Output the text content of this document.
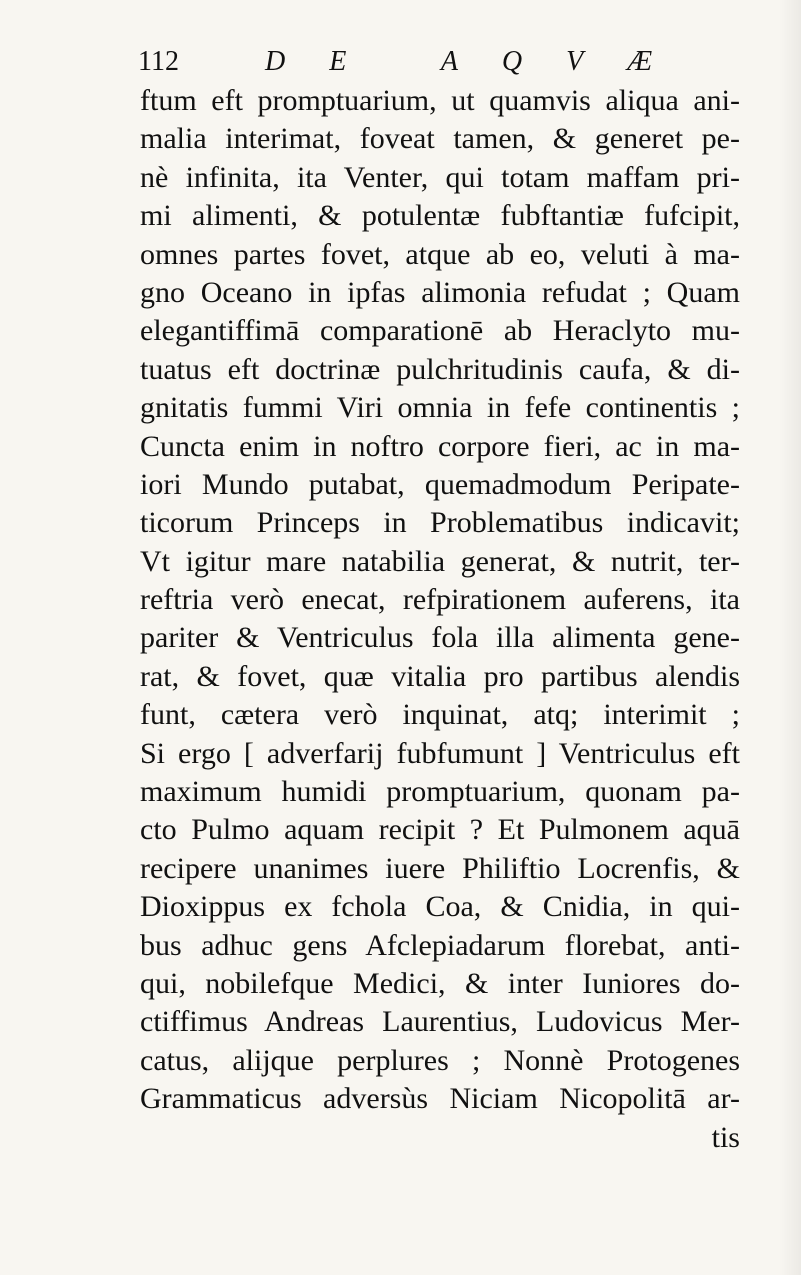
112	DE AQVÆ
ftum eft promptuarium, ut quamvis aliqua ani-
malia interimat, foveat tamen, & generet pe-
nè infinita, ita Venter, qui totam maffam pri-
mi alimenti, & potulentæ fubftantiæ fufcipit,
omnes partes fovet, atque ab eo, veluti à ma-
gno Oceano in ipfas alimonia refudat ; Quam
elegantiffimā comparationē ab Heraclyto mu-
tuatus eft doctrinæ pulchritudinis caufa, & di-
gnitatis fummi Viri omnia in fefe continentis ;
Cuncta enim in noftro corpore fieri, ac in ma-
iori Mundo putabat, quemadmodum Peripate-
ticorum Princeps in Problematibus indicavit;
Vt igitur mare natabilia generat, & nutrit, ter-
reftria verò enecat, refpirationem auferens, ita
pariter & Ventriculus fola illa alimenta gene-
rat, & fovet, quæ vitalia pro partibus alendis
funt, cætera verò inquinat, atq; interimit ;
Si ergo [ adverfarij fubfumunt ] Ventriculus eft
maximum humidi promptuarium, quonam pa-
cto Pulmo aquam recipit ? Et Pulmonem aquā
recipere unanimes iuere Philiftio Locrenfis, &
Dioxippus ex fchola Coa, & Cnidia, in qui-
bus adhuc gens Afclepiadarum florebat, anti-
qui, nobilefque Medici, & inter Iuniores do-
ctiffimus Andreas Laurentius, Ludovicus Mer-
catus, alijque perplures ; Nonnè Protogenes
Grammaticus adversùs Niciam Nicopolitā ar-
tis
